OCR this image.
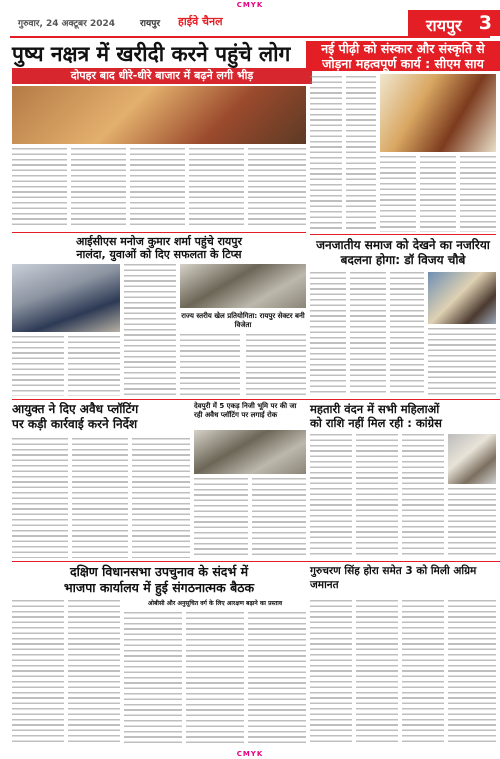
CMYK
गुरुवार, 24 अक्टूबर 2024	रायपुर हाईवे चैनल	रायपुर 3
पुष्य नक्षत्र में खरीदी करने पहुंचे लोग
दोपहर बाद धीरे-धीरे बाजार में बढ़ने लगी भीड़
नई पीढ़ी को संस्कार और संस्कृति से जोड़ना महत्वपूर्ण कार्य : सीएम साय
आईसीएस मनोज कुमार शर्मा पहुंचे रायपुर
नालंदा, युवाओं को दिए सफलता के टिप्स
राज्य स्तरीय खेल प्रतियोगिता: रायपुर सेक्टर बनी विजेता
जनजातीय समाज को देखने का नजरिया बदलना होगा: डॉ विजय चौबे
आयुक्त ने दिए अवैध प्लॉटिंग
पर कड़ी कार्रवाई करने निर्देश
देवपुरी में 5 एकड़ निजी भूमि पर की जा रही अवैध प्लॉटिंग पर लगाई रोक	महतारी वंदन में सभी महिलाओं
को राशि नहीं मिल रही : कांग्रेस
दक्षिण विधानसभा उपचुनाव के संदर्भ में
भाजपा कार्यालय में हुई संगठनात्मक बैठक
ओबीसी और अनुसूचित वर्ग के लिए आरक्षण बढ़ाने का प्रस्ताव
गुरुचरण सिंह होरा समेत 3 को मिली अग्रिम जमानत
CMYK
